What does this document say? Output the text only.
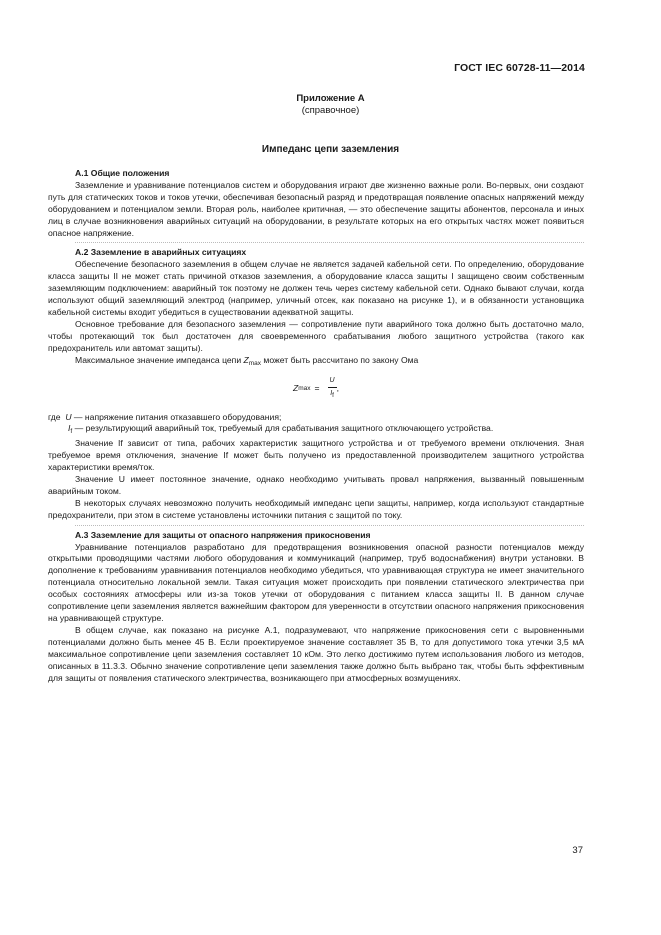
ГОСТ IEC 60728-11—2014
Приложение А
(справочное)
Импеданс цепи заземления
А.1 Общие положения

Заземление и уравнивание потенциалов систем и оборудования играют две жизненно важные роли. Во-первых, они создают путь для статических токов и токов утечки, обеспечивая безопасный разряд и предотвращая появление опасных напряжений между оборудованием и потенциалом земли. Вторая роль, наиболее критичная, — это обеспечение защиты абонентов, персонала и иных лиц в случае возникновения аварийных ситуаций на оборудовании, в результате которых на его открытых частях может появиться опасное напряжение.

А.2 Заземление в аварийных ситуациях

Обеспечение безопасного заземления в общем случае не является задачей кабельной сети. По определению, оборудование класса защиты II не может стать причиной отказов заземления, а оборудование класса защиты I защищено своим собственным заземляющим подключением: аварийный ток поэтому не должен течь через систему кабельной сети. Однако бывают случаи, когда используют общий заземляющий электрод (например, уличный отсек, как показано на рисунке 1), и в обязанности установщика кабельной системы входит убедиться в существовании адекватной защиты.

Основное требование для безопасного заземления — сопротивление пути аварийного тока должно быть достаточно мало, чтобы протекающий ток был достаточен для своевременного срабатывания любого защитного устройства (такого как предохранитель или автомат защиты).

Максимальное значение импеданса цепи $Z_{max}$ может быть рассчитано по закону Ома

Z $\max = \frac{U}{If}$ ,

где U — напряжение питания отказавшего оборудования;

$I_f$ — результирующий аварийный ток, требуемый для срабатывания защитного отключающего устройства.

Значение If зависит от типа, рабочих характеристик защитного устройства и от требуемого времени отключения. Зная требуемое время отключения, значение If может быть получено из предоставленной производителем защитного устройства характеристики время/ток.

Значение U имеет постоянное значение, однако необходимо учитывать провал напряжения, вызванный повышенным аварийным током.

В некоторых случаях невозможно получить необходимый импеданс цепи защиты, например, когда используют стандартные предохранители, при этом в системе установлены источники питания с защитой по току.

А.3 Заземление для защиты от опасного напряжения прикосновения

Уравнивание потенциалов разработано для предотвращения возникновения опасной разности потенциалов между открытыми проводящими частями любого оборудования и коммуникаций (например, труб водоснабжения) внутри установки. В дополнение к требованиям уравнивания потенциалов необходимо убедиться, что уравнивающая структура не имеет значительного потенциала относительно локальной земли. Такая ситуация может происходить при появлении статического электричества при особых состояниях атмосферы или из-за токов утечки от оборудования с питанием класса защиты II. В данном случае сопротивление цепи заземления является важнейшим фактором для уверенности в отсутствии опасного напряжения прикосновения на уравнивающей структуре.

В общем случае, как показано на рисунке А.1, подразумевают, что напряжение прикосновения сети с выровненными потенциалами должно быть менее 45 В. Если проектируемое значение составляет 35 В, то для допустимого тока утечки 3,5 мА максимальное сопротивление цепи заземления составляет 10 кОм. Это легко достижимо путем использования любого из методов, описанных в 11.3.3. Обычно значение сопротивление цепи заземления также должно быть выбрано так, чтобы быть эффективным для защиты от появления статического электричества, возникающего при атмосферных возмущениях.

37
